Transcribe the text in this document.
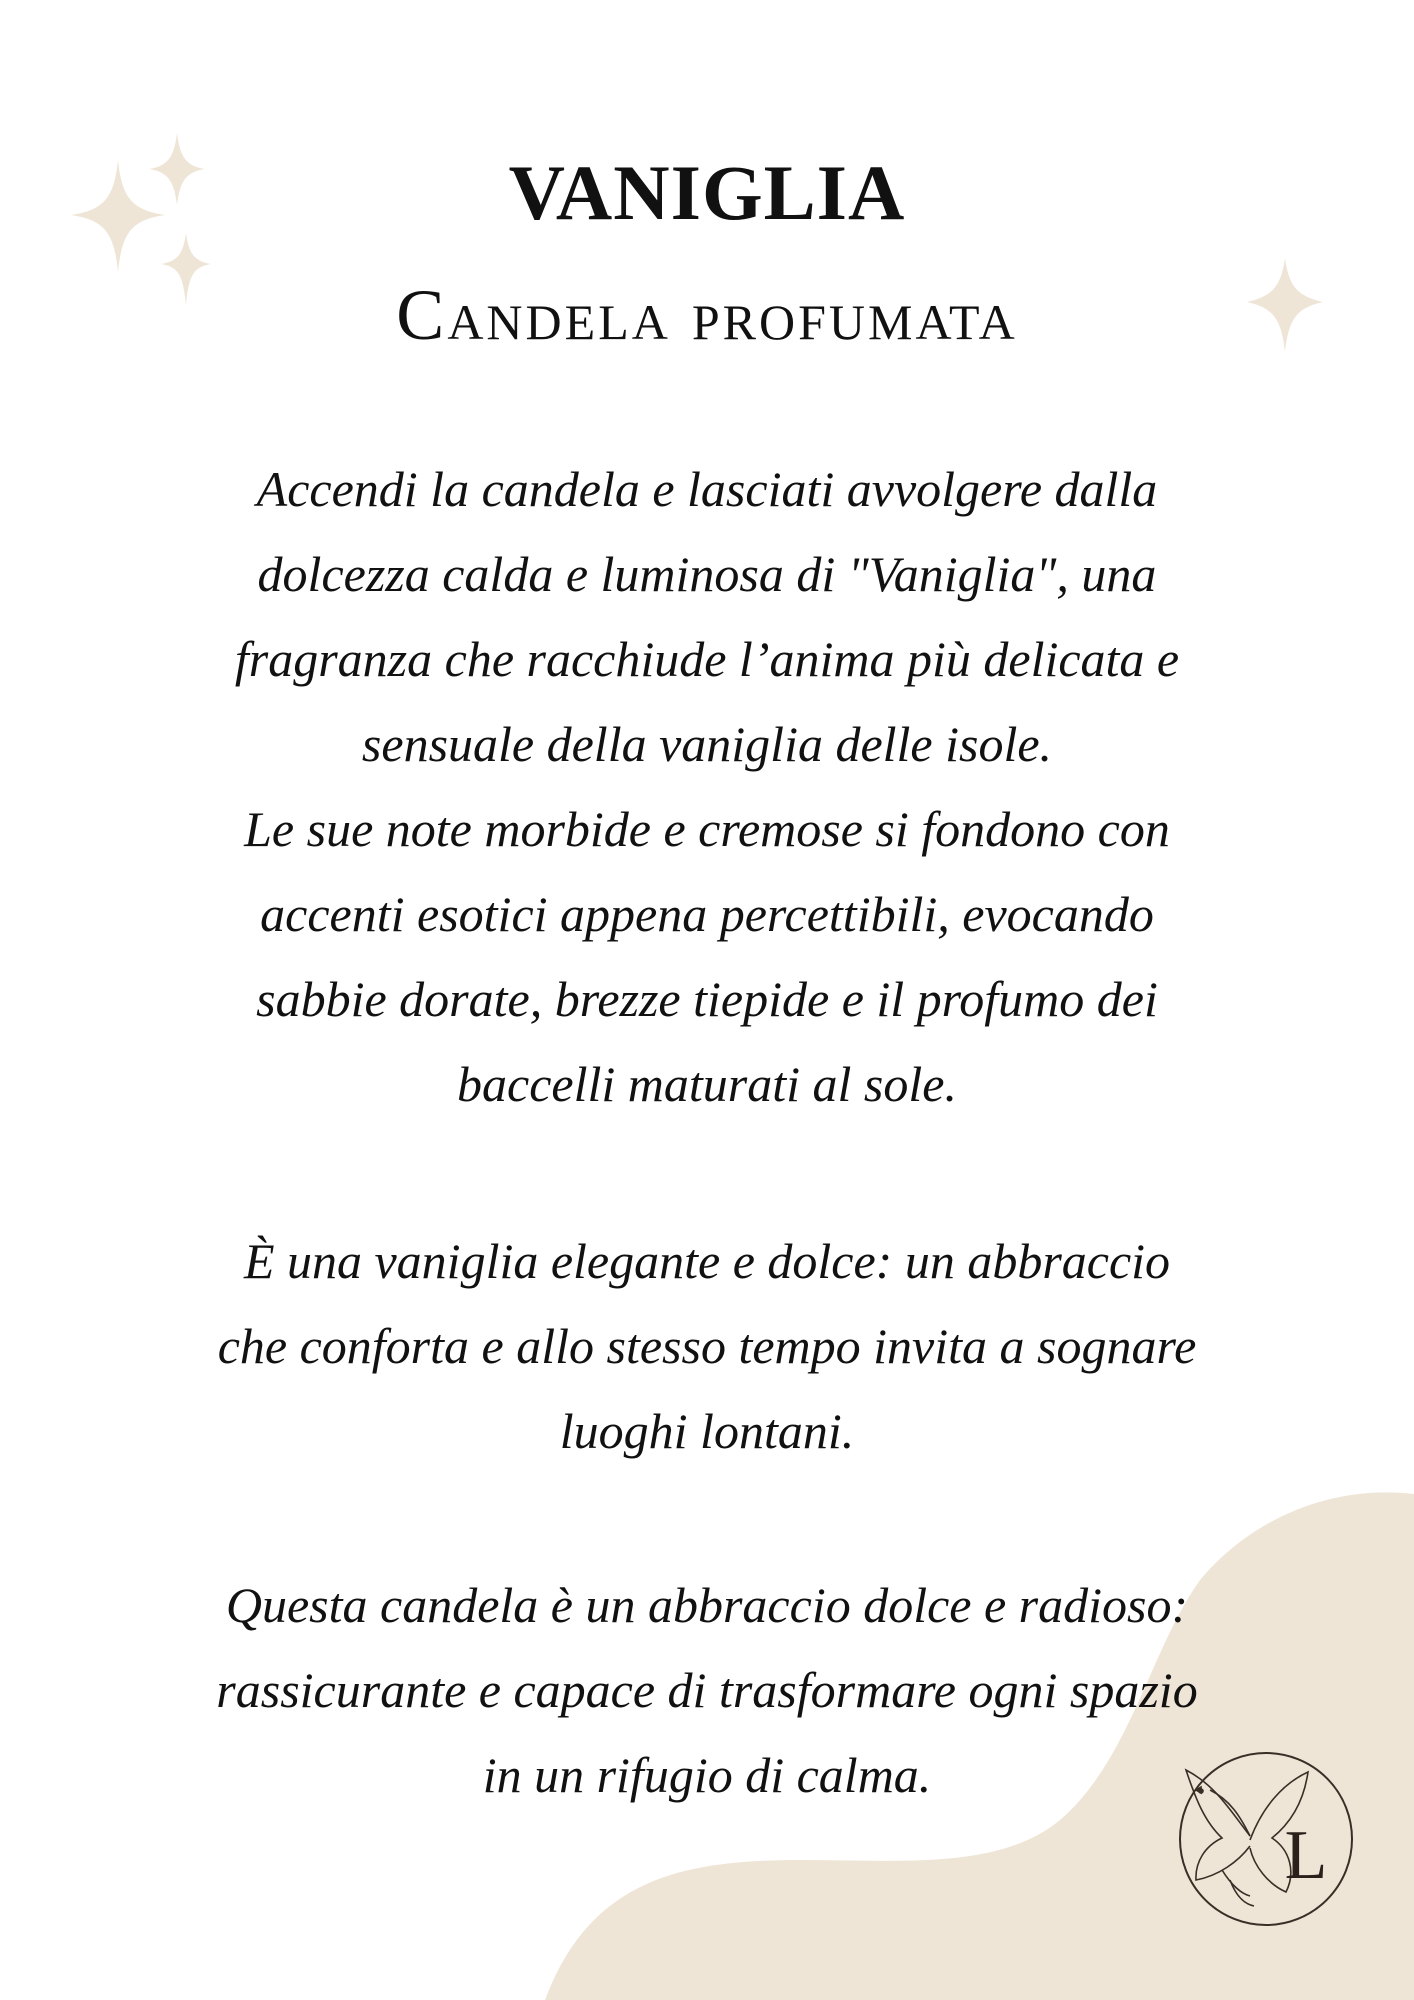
L
VANIGLIA
Candela profumata
Accendi la candela e lasciati avvolgere dalla
dolcezza calda e luminosa di "Vaniglia", una
fragranza che racchiude l’anima più delicata e
sensuale della vaniglia delle isole.
Le sue note morbide e cremose si fondono con
accenti esotici appena percettibili, evocando
sabbie dorate, brezze tiepide e il profumo dei
baccelli maturati al sole.
È una vaniglia elegante e dolce: un abbraccio
che conforta e allo stesso tempo invita a sognare
luoghi lontani.
Questa candela è un abbraccio dolce e radioso:
rassicurante e capace di trasformare ogni spazio
in un rifugio di calma.
